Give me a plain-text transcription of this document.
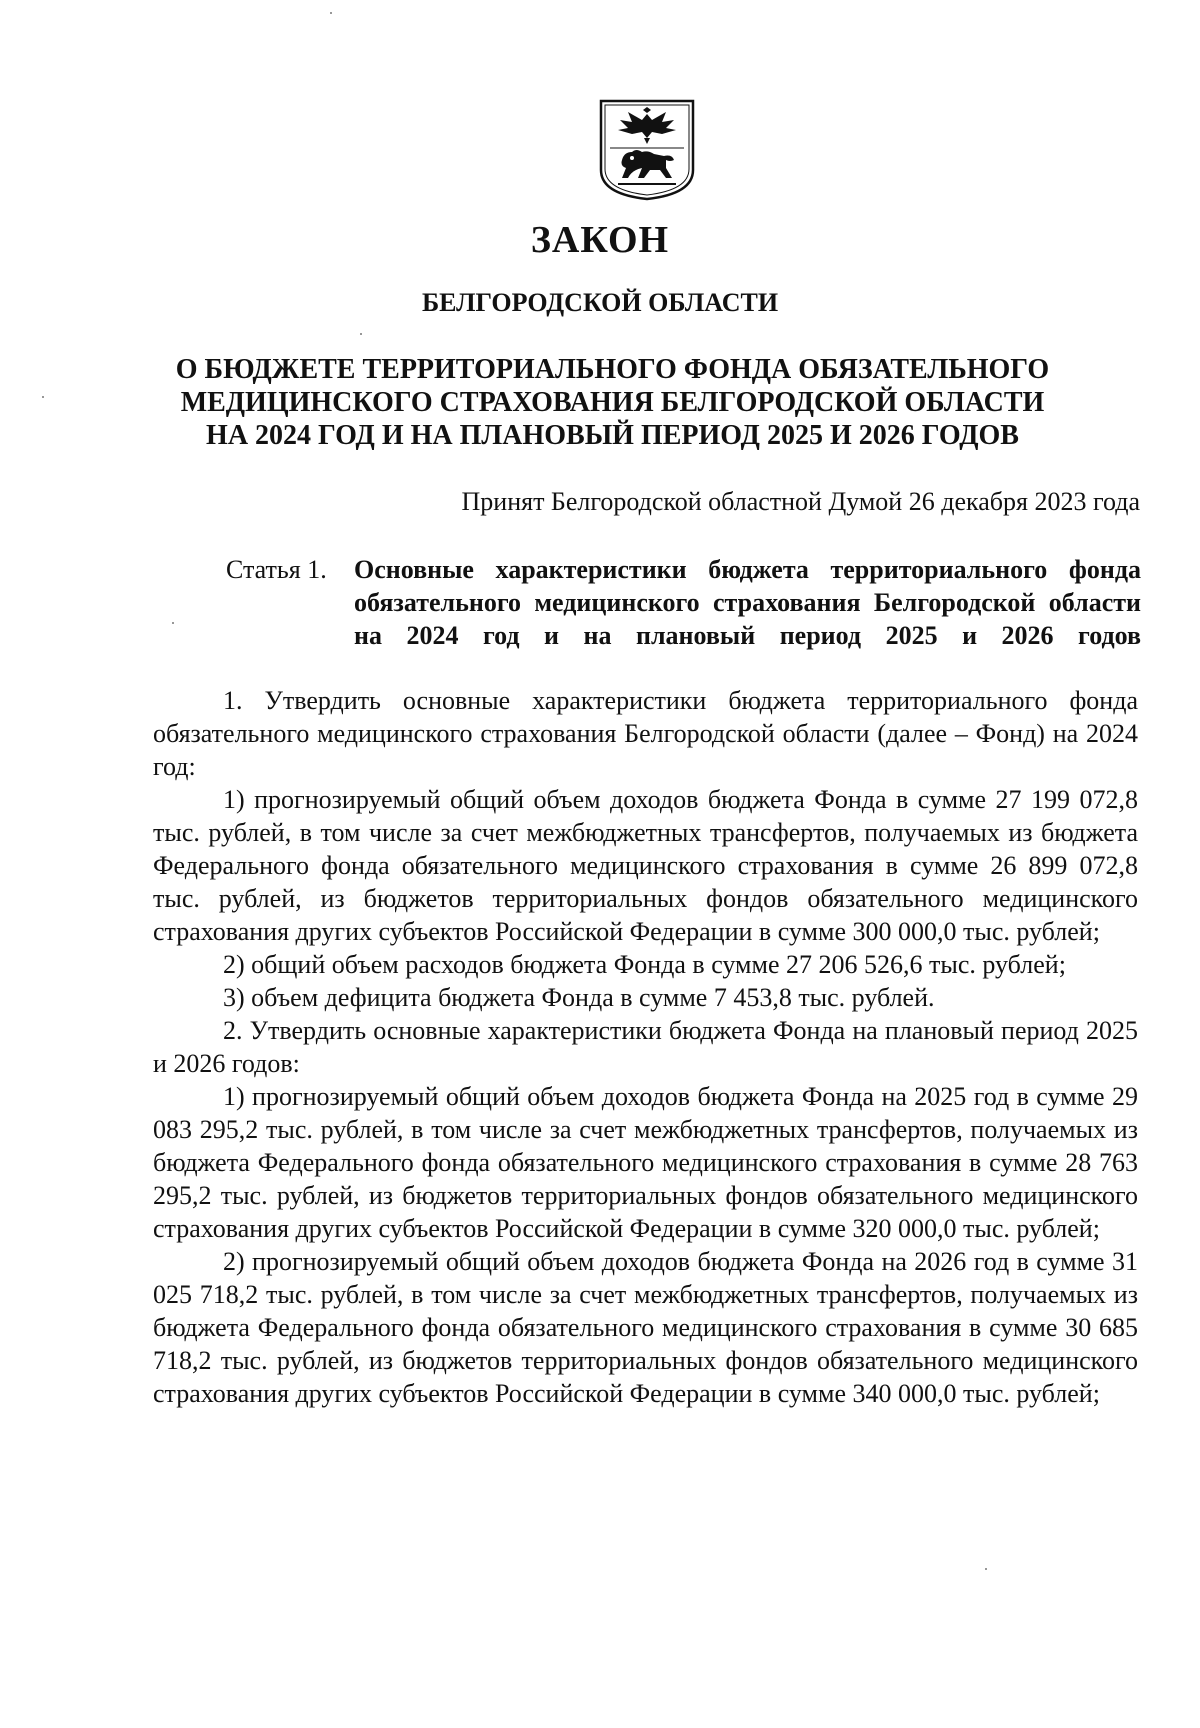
ЗАКОН
БЕЛГОРОДСКОЙ ОБЛАСТИ
О БЮДЖЕТЕ ТЕРРИТОРИАЛЬНОГО ФОНДА ОБЯЗАТЕЛЬНОГО
МЕДИЦИНСКОГО СТРАХОВАНИЯ БЕЛГОРОДСКОЙ ОБЛАСТИ
НА 2024 ГОД И НА ПЛАНОВЫЙ ПЕРИОД 2025 И 2026 ГОДОВ
Принят Белгородской областной Думой 26 декабря 2023 года
Статья 1. Основные характеристики бюджета территориального фонда обязательного медицинского страхования Белгородской области на 2024 год и на плановый период 2025 и 2026 годов

1. Утвердить основные характеристики бюджета территориального фонда обязательного медицинского страхования Белгородской области (далее – Фонд) на 2024 год:

1) прогнозируемый общий объем доходов бюджета Фонда в сумме 27 199 072,8 тыс. рублей, в том числе за счет межбюджетных трансфертов, получаемых из бюджета Федерального фонда обязательного медицинского страхования в сумме 26 899 072,8 тыс. рублей, из бюджетов территориальных фондов обязательного медицинского страхования других субъектов Российской Федерации в сумме 300 000,0 тыс. рублей;

2) общий объем расходов бюджета Фонда в сумме 27 206 526,6 тыс. рублей;

3) объем дефицита бюджета Фонда в сумме 7 453,8 тыс. рублей.

2. Утвердить основные характеристики бюджета Фонда на плановый период 2025 и 2026 годов:

1) прогнозируемый общий объем доходов бюджета Фонда на 2025 год в сумме 29 083 295,2 тыс. рублей, в том числе за счет межбюджетных трансфертов, получаемых из бюджета Федерального фонда обязательного медицинского страхования в сумме 28 763 295,2 тыс. рублей, из бюджетов территориальных фондов обязательного медицинского страхования других субъектов Российской Федерации в сумме 320 000,0 тыс. рублей;

2) прогнозируемый общий объем доходов бюджета Фонда на 2026 год в сумме 31 025 718,2 тыс. рублей, в том числе за счет межбюджетных трансфертов, получаемых из бюджета Федерального фонда обязательного медицинского страхования в сумме 30 685 718,2 тыс. рублей, из бюджетов территориальных фондов обязательного медицинского страхования других субъектов Российской Федерации в сумме 340 000,0 тыс. рублей;
